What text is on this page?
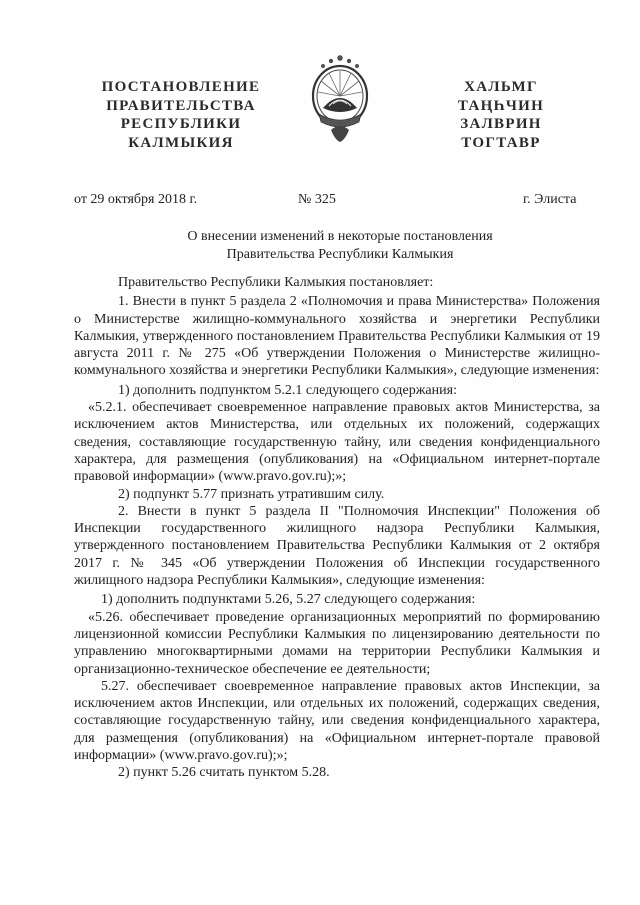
ПОСТАНОВЛЕНИЕ
ПРАВИТЕЛЬСТВА
РЕСПУБЛИКИ
КАЛМЫКИЯ
ХАЛЬМГ
ТАҢҺЧИН
ЗАЛВРИН
ТОГТАВР
от 29 октября 2018 г.	№ 325	г. Элиста
О внесении изменений в некоторые постановления
Правительства Республики Калмыкия

Правительство Республики Калмыкия постановляет:

1. Внести в пункт 5 раздела 2 «Полномочия и права Министерства» Положения о Министерстве жилищно-коммунального хозяйства и энергетики Республики Калмыкия, утвержденного постановлением Правительства Республики Калмыкия от 19 августа 2011 г. № 275 «Об утверждении Положения о Министерстве жилищно-коммунального хозяйства и энергетики Республики Калмыкия», следующие изменения:

1) дополнить подпунктом 5.2.1 следующего содержания:

«5.2.1. обеспечивает своевременное направление правовых актов Министерства, за исключением актов Министерства, или отдельных их положений, содержащих сведения, составляющие государственную тайну, или сведения конфиденциального характера, для размещения (опубликования) на «Официальном интернет-портале правовой информации» (www.pravo.gov.ru);»;

2) подпункт 5.77 признать утратившим силу.

2. Внести в пункт 5 раздела II "Полномочия Инспекции" Положения об Инспекции государственного жилищного надзора Республики Калмыкия, утвержденного постановлением Правительства Республики Калмыкия от 2 октября 2017 г. № 345 «Об утверждении Положения об Инспекции государственного жилищного надзора Республики Калмыкия», следующие изменения:

1) дополнить подпунктами 5.26, 5.27 следующего содержания:

«5.26. обеспечивает проведение организационных мероприятий по формированию лицензионной комиссии Республики Калмыкия по лицензированию деятельности по управлению многоквартирными домами на территории Республики Калмыкия и организационно-техническое обеспечение ее деятельности;

5.27. обеспечивает своевременное направление правовых актов Инспекции, за исключением актов Инспекции, или отдельных их положений, содержащих сведения, составляющие государственную тайну, или сведения конфиденциального характера, для размещения (опубликования) на «Официальном интернет-портале правовой информации» (www.pravo.gov.ru);»;

2) пункт 5.26 считать пунктом 5.28.
